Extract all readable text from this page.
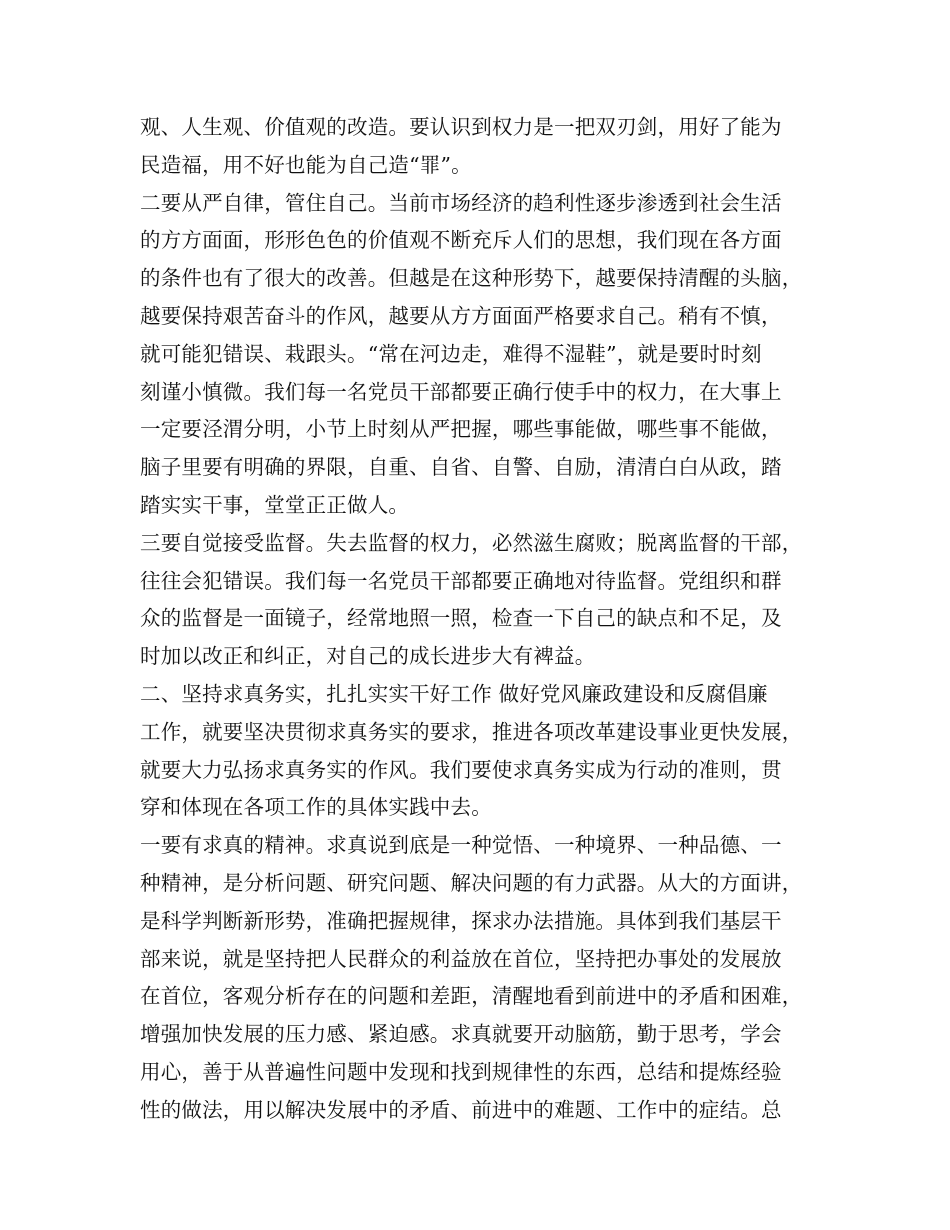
观、人生观、价值观的改造。要认识到权力是一把双刃剑，用好了能为
民造福，用不好也能为自己造“罪”。
二要从严自律，管住自己。当前市场经济的趋利性逐步渗透到社会生活
的方方面面，形形色色的价值观不断充斥人们的思想，我们现在各方面
的条件也有了很大的改善。但越是在这种形势下，越要保持清醒的头脑，
越要保持艰苦奋斗的作风，越要从方方面面严格要求自己。稍有不慎，
就可能犯错误、栽跟头。“常在河边走，难得不湿鞋”，就是要时时刻
刻谨小慎微。我们每一名党员干部都要正确行使手中的权力，在大事上
一定要泾渭分明，小节上时刻从严把握，哪些事能做，哪些事不能做，
脑子里要有明确的界限，自重、自省、自警、自励，清清白白从政，踏
踏实实干事，堂堂正正做人。
三要自觉接受监督。失去监督的权力，必然滋生腐败；脱离监督的干部，
往往会犯错误。我们每一名党员干部都要正确地对待监督。党组织和群
众的监督是一面镜子，经常地照一照，检查一下自己的缺点和不足，及
时加以改正和纠正，对自己的成长进步大有裨益。
二、坚持求真务实，扎扎实实干好工作 做好党风廉政建设和反腐倡廉
工作，就要坚决贯彻求真务实的要求，推进各项改革建设事业更快发展，
就要大力弘扬求真务实的作风。我们要使求真务实成为行动的准则，贯
穿和体现在各项工作的具体实践中去。
一要有求真的精神。求真说到底是一种觉悟、一种境界、一种品德、一
种精神，是分析问题、研究问题、解决问题的有力武器。从大的方面讲，
是科学判断新形势，准确把握规律，探求办法措施。具体到我们基层干
部来说，就是坚持把人民群众的利益放在首位，坚持把办事处的发展放
在首位，客观分析存在的问题和差距，清醒地看到前进中的矛盾和困难，
增强加快发展的压力感、紧迫感。求真就要开动脑筋，勤于思考，学会
用心，善于从普遍性问题中发现和找到规律性的东西，总结和提炼经验
性的做法，用以解决发展中的矛盾、前进中的难题、工作中的症结。总
